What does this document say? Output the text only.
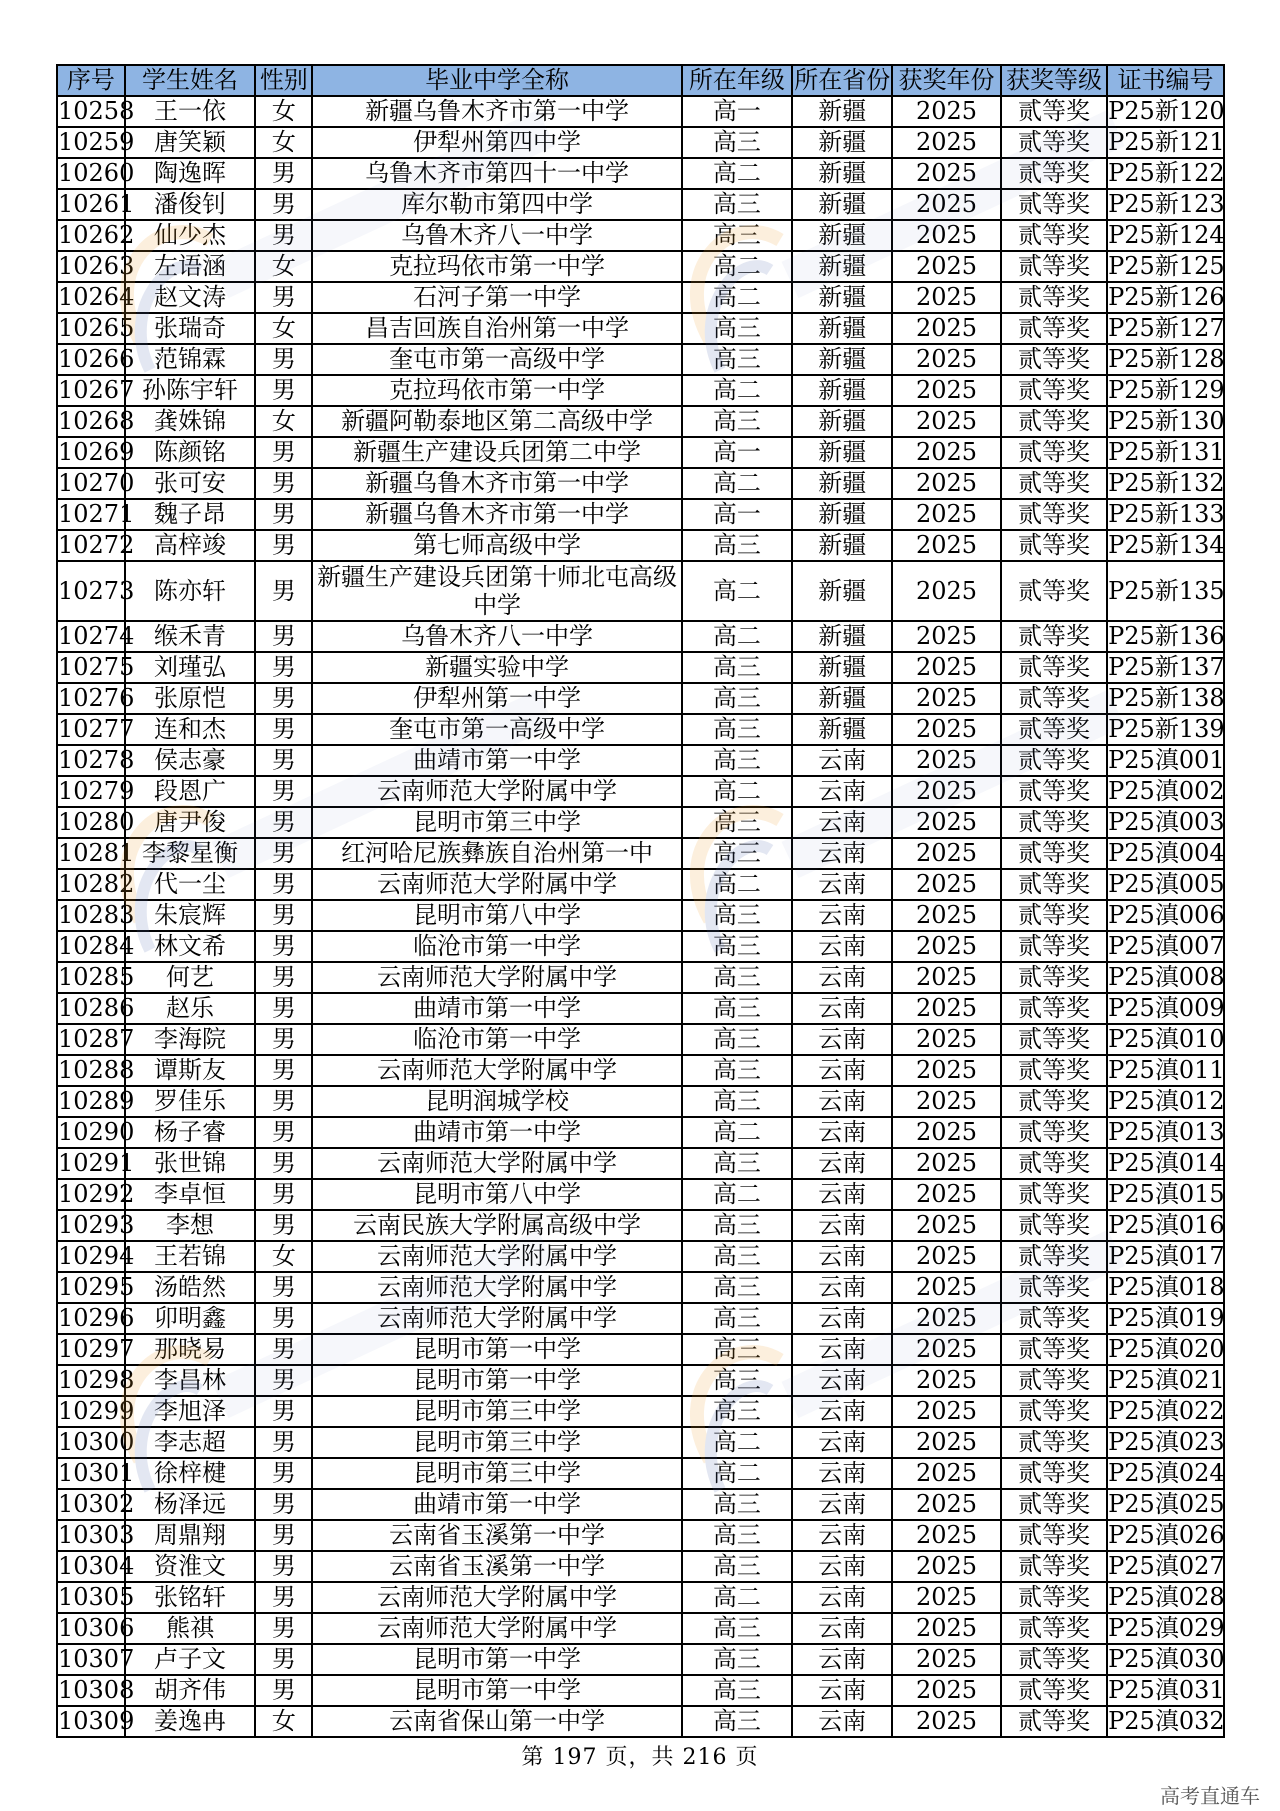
序号	学生姓名	性别	毕业中学全称	所在年级	所在省份	获奖年份	获奖等级	证书编号
10258	王一依	女	新疆乌鲁木齐市第一中学	高一	新疆	2025	贰等奖	P25新120
10259	唐笑颖	女	伊犁州第四中学	高三	新疆	2025	贰等奖	P25新121
10260	陶逸晖	男	乌鲁木齐市第四十一中学	高二	新疆	2025	贰等奖	P25新122
10261	潘俊钊	男	库尔勒市第四中学	高三	新疆	2025	贰等奖	P25新123
10262	仙少杰	男	乌鲁木齐八一中学	高三	新疆	2025	贰等奖	P25新124
10263	左语涵	女	克拉玛依市第一中学	高二	新疆	2025	贰等奖	P25新125
10264	赵文涛	男	石河子第一中学	高二	新疆	2025	贰等奖	P25新126
10265	张瑞奇	女	昌吉回族自治州第一中学	高三	新疆	2025	贰等奖	P25新127
10266	范锦霖	男	奎屯市第一高级中学	高三	新疆	2025	贰等奖	P25新128
10267	孙陈宇轩	男	克拉玛依市第一中学	高二	新疆	2025	贰等奖	P25新129
10268	龚姝锦	女	新疆阿勒泰地区第二高级中学	高三	新疆	2025	贰等奖	P25新130
10269	陈颜铭	男	新疆生产建设兵团第二中学	高一	新疆	2025	贰等奖	P25新131
10270	张可安	男	新疆乌鲁木齐市第一中学	高二	新疆	2025	贰等奖	P25新132
10271	魏子昂	男	新疆乌鲁木齐市第一中学	高一	新疆	2025	贰等奖	P25新133
10272	高梓竣	男	第七师高级中学	高三	新疆	2025	贰等奖	P25新134
10273	陈亦轩	男	新疆生产建设兵团第十师北屯高级中学	高二	新疆	2025	贰等奖	P25新135
10274	缑禾青	男	乌鲁木齐八一中学	高二	新疆	2025	贰等奖	P25新136
10275	刘瑾弘	男	新疆实验中学	高三	新疆	2025	贰等奖	P25新137
10276	张原恺	男	伊犁州第一中学	高三	新疆	2025	贰等奖	P25新138
10277	连和杰	男	奎屯市第一高级中学	高三	新疆	2025	贰等奖	P25新139
10278	侯志豪	男	曲靖市第一中学	高三	云南	2025	贰等奖	P25滇001
10279	段恩广	男	云南师范大学附属中学	高二	云南	2025	贰等奖	P25滇002
10280	唐尹俊	男	昆明市第三中学	高三	云南	2025	贰等奖	P25滇003
10281	李黎星衡	男	红河哈尼族彝族自治州第一中	高三	云南	2025	贰等奖	P25滇004
10282	代一尘	男	云南师范大学附属中学	高二	云南	2025	贰等奖	P25滇005
10283	朱宸辉	男	昆明市第八中学	高三	云南	2025	贰等奖	P25滇006
10284	林文希	男	临沧市第一中学	高三	云南	2025	贰等奖	P25滇007
10285	何艺	男	云南师范大学附属中学	高三	云南	2025	贰等奖	P25滇008
10286	赵乐	男	曲靖市第一中学	高三	云南	2025	贰等奖	P25滇009
10287	李海院	男	临沧市第一中学	高三	云南	2025	贰等奖	P25滇010
10288	谭斯友	男	云南师范大学附属中学	高三	云南	2025	贰等奖	P25滇011
10289	罗佳乐	男	昆明润城学校	高三	云南	2025	贰等奖	P25滇012
10290	杨子睿	男	曲靖市第一中学	高二	云南	2025	贰等奖	P25滇013
10291	张世锦	男	云南师范大学附属中学	高三	云南	2025	贰等奖	P25滇014
10292	李卓恒	男	昆明市第八中学	高二	云南	2025	贰等奖	P25滇015
10293	李想	男	云南民族大学附属高级中学	高三	云南	2025	贰等奖	P25滇016
10294	王若锦	女	云南师范大学附属中学	高三	云南	2025	贰等奖	P25滇017
10295	汤皓然	男	云南师范大学附属中学	高三	云南	2025	贰等奖	P25滇018
10296	卯明鑫	男	云南师范大学附属中学	高三	云南	2025	贰等奖	P25滇019
10297	那晓易	男	昆明市第一中学	高三	云南	2025	贰等奖	P25滇020
10298	李昌林	男	昆明市第一中学	高三	云南	2025	贰等奖	P25滇021
10299	李旭泽	男	昆明市第三中学	高三	云南	2025	贰等奖	P25滇022
10300	李志超	男	昆明市第三中学	高二	云南	2025	贰等奖	P25滇023
10301	徐梓楗	男	昆明市第三中学	高二	云南	2025	贰等奖	P25滇024
10302	杨泽远	男	曲靖市第一中学	高三	云南	2025	贰等奖	P25滇025
10303	周鼎翔	男	云南省玉溪第一中学	高三	云南	2025	贰等奖	P25滇026
10304	资淮文	男	云南省玉溪第一中学	高三	云南	2025	贰等奖	P25滇027
10305	张铭轩	男	云南师范大学附属中学	高二	云南	2025	贰等奖	P25滇028
10306	熊祺	男	云南师范大学附属中学	高三	云南	2025	贰等奖	P25滇029
10307	卢子文	男	昆明市第一中学	高三	云南	2025	贰等奖	P25滇030
10308	胡齐伟	男	昆明市第一中学	高三	云南	2025	贰等奖	P25滇031
10309	姜逸冉	女	云南省保山第一中学	高三	云南	2025	贰等奖	P25滇032
第 197 页，共 216 页
高考直通车
